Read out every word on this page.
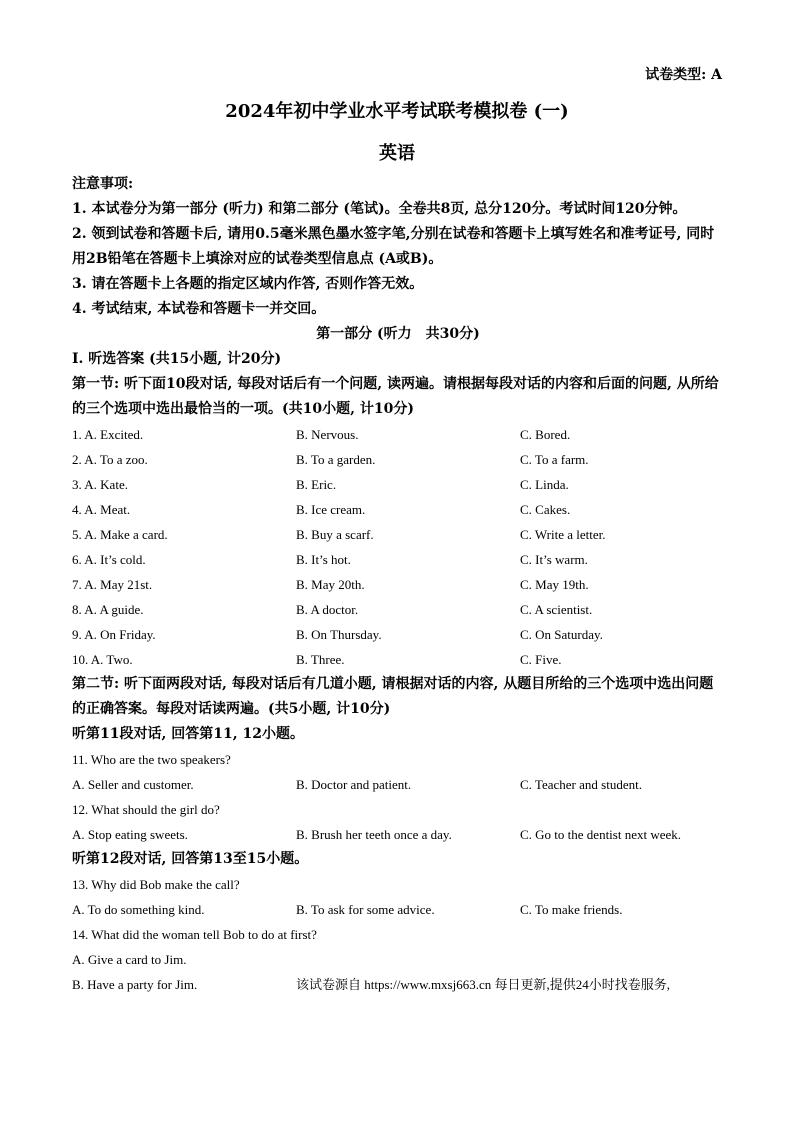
试卷类型: A
2024年初中学业水平考试联考模拟卷 (一)
英语
注意事项:
1. 本试卷分为第一部分 (听力) 和第二部分 (笔试)。全卷共8页, 总分120分。考试时间120分钟。
2. 领到试卷和答题卡后, 请用0.5毫米黑色墨水签字笔,分别在试卷和答题卡上填写姓名和准考证号, 同时用2B铅笔在答题卡上填涂对应的试卷类型信息点 (A或B)。
3. 请在答题卡上各题的指定区域内作答, 否则作答无效。
4. 考试结束, 本试卷和答题卡一并交回。
第一部分 (听力　共30分)
I. 听选答案 (共15小题, 计20分)
第一节: 听下面10段对话, 每段对话后有一个问题, 读两遍。请根据每段对话的内容和后面的问题, 从所给的三个选项中选出最恰当的一项。(共10小题, 计10分)
1. A. Excited.	B. Nervous.	C. Bored.
2. A. To a zoo.	B. To a garden.	C. To a farm.
3. A. Kate.	B. Eric.	C. Linda.
4. A. Meat.	B. Ice cream.	C. Cakes.
5. A. Make a card.	B. Buy a scarf.	C. Write a letter.
6. A. It’s cold.	B. It’s hot.	C. It’s warm.
7. A. May 21st.	B. May 20th.	C. May 19th.
8. A. A guide.	B. A doctor.	C. A scientist.
9. A. On Friday.	B. On Thursday.	C. On Saturday.
10. A. Two.	B. Three.	C. Five.
第二节: 听下面两段对话, 每段对话后有几道小题, 请根据对话的内容, 从题目所给的三个选项中选出问题的正确答案。每段对话读两遍。(共5小题, 计10分)
听第11段对话, 回答第11, 12小题。
11. Who are the two speakers?
A. Seller and customer.	B. Doctor and patient.	C. Teacher and student.
12. What should the girl do?
A. Stop eating sweets.	B. Brush her teeth once a day.	C. Go to the dentist next week.
听第12段对话, 回答第13至15小题。
13. Why did Bob make the call?
A. To do something kind.	B. To ask for some advice.	C. To make friends.
14. What did the woman tell Bob to do at first?
A. Give a card to Jim.
B. Have a party for Jim.	该试卷源自 https://www.mxsj663.cn 每日更新,提供24小时找卷服务,
